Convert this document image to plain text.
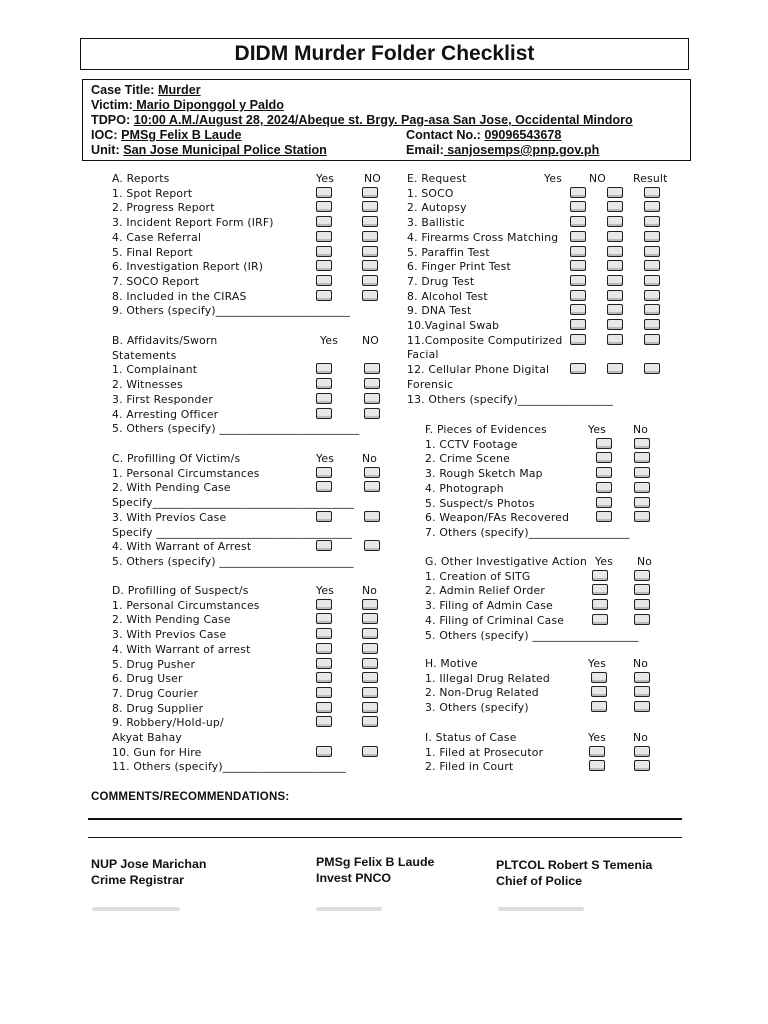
DIDM Murder Folder Checklist
Case Title: Murder
Victim: Mario Diponggol y Paldo
TDPO: 10:00 A.M./August 28, 2024/Abeque st. Brgy. Pag-asa San Jose, Occidental Mindoro
IOC: PMSg Felix B Laude	Contact No.: 09096543678
Unit: San Jose Municipal Police Station	Email: sanjosemps@pnp.gov.ph
A. Reports	Yes	NO
1. Spot Report
2. Progress Report
3. Incident Report Form (IRF)
4. Case Referral
5. Final Report
6. Investigation Report (IR)
7. SOCO Report
8. Included in the CIRAS
9. Others (specify)________________________
B. Affidavits/Sworn	Yes NO
Statements
1. Complainant
2. Witnesses
3. First Responder
4. Arresting Officer
5. Others (specify) _________________________
C. Profilling Of Victim/s	Yes	No
1. Personal Circumstances
2. With Pending Case
Specify____________________________________
3. With Previos Case
Specify ___________________________________
4. With Warrant of Arrest
5. Others (specify) ________________________
D. Profilling of Suspect/s	Yes	No
1. Personal Circumstances
2. With Pending Case
3. With Previos Case
4. With Warrant of arrest
5. Drug Pusher
6. Drug User
7. Drug Courier
8. Drug Supplier
9. Robbery/Hold-up/
Akyat Bahay
10. Gun for Hire
11. Others (specify)______________________
E. Request	Yes NO	Result
1. SOCO
2. Autopsy
3. Ballistic
4. Firearms Cross Matching
5. Paraffin Test
6. Finger Print Test
7. Drug Test
8. Alcohol Test
9. DNA Test
10.Vaginal Swab
11.Composite Computirized
Facial
12. Cellular Phone Digital
Forensic
13. Others (specify)_________________
F. Pieces of Evidences	Yes No
1. CCTV Footage
2. Crime Scene
3. Rough Sketch Map
4. Photograph
5. Suspect/s Photos
6. Weapon/FAs Recovered
7. Others (specify)__________________
G. Other Investigative Action Yes No
1. Creation of SITG
2. Admin Relief Order
3. Filing of Admin Case
4. Filing of Criminal Case
5. Others (specify) ___________________
H. Motive	Yes No
1. Illegal Drug Related
2. Non-Drug Related
3. Others (specify)
I. Status of Case	Yes No
1. Filed at Prosecutor
2. Filed in Court
COMMENTS/RECOMMENDATIONS:
NUP Jose Marichan
Crime Registrar
PMSg Felix B Laude
Invest PNCO
PLTCOL Robert S Temenia
Chief of Police
